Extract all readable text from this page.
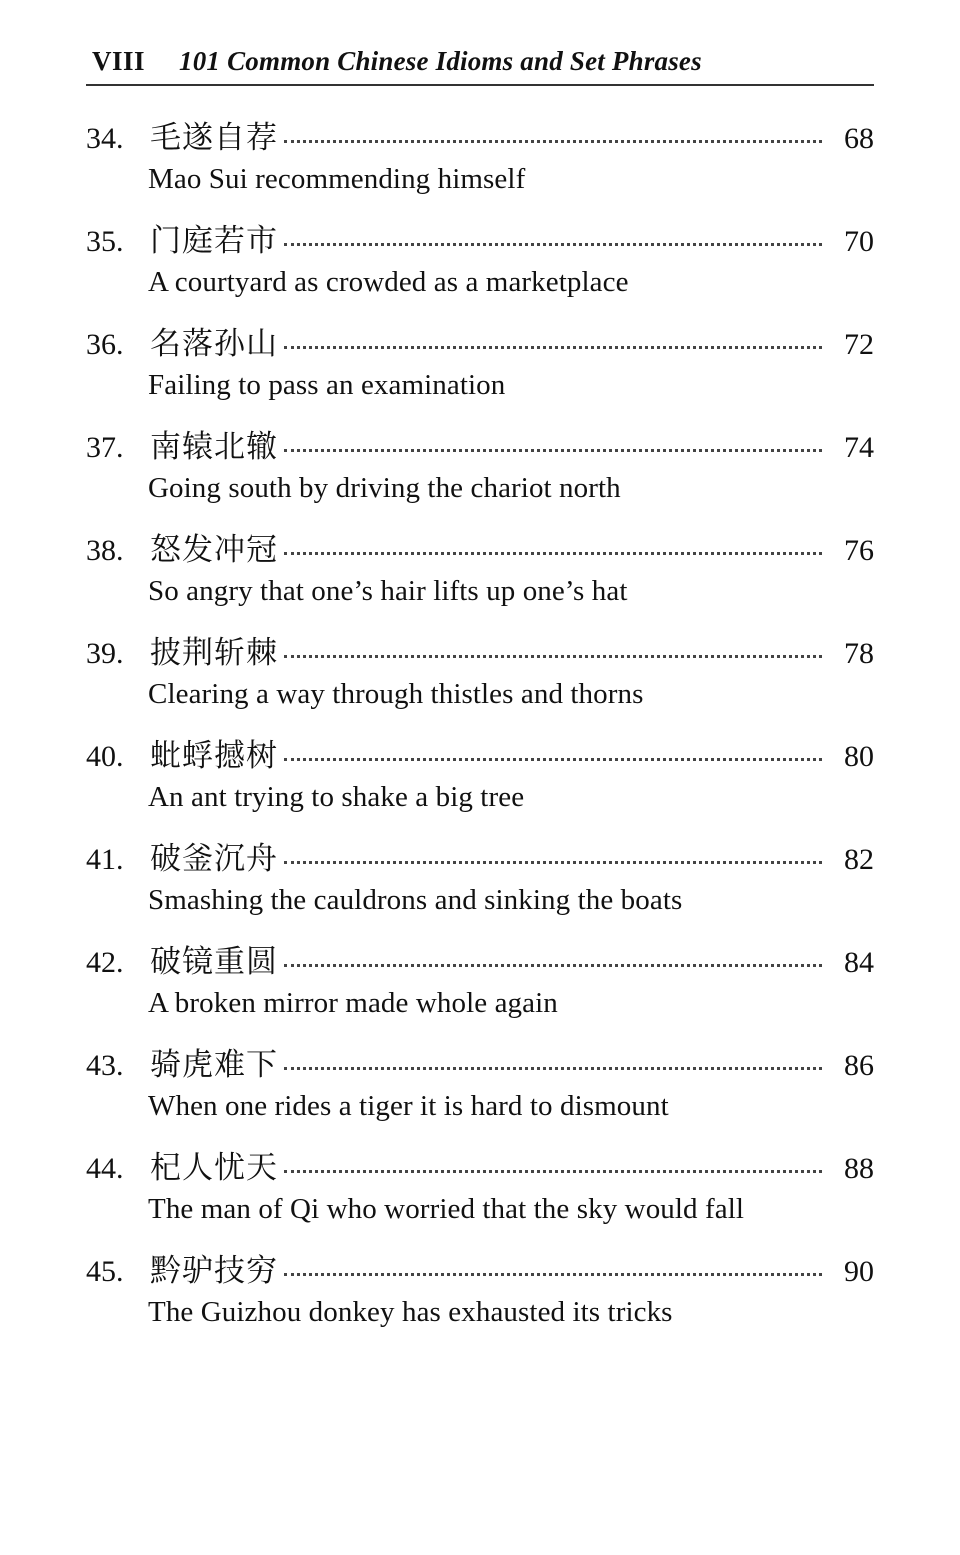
VIII 101 Common Chinese Idioms and Set Phrases
34. 毛遂自荐	68
Mao Sui recommending himself
35. 门庭若市	70
A courtyard as crowded as a marketplace
36. 名落孙山	72
Failing to pass an examination
37. 南辕北辙	74
Going south by driving the chariot north
38. 怒发冲冠	76
So angry that one’s hair lifts up one’s hat
39. 披荆斩棘	78
Clearing a way through thistles and thorns
40. 蚍蜉撼树	80
An ant trying to shake a big tree
41. 破釜沉舟	82
Smashing the cauldrons and sinking the boats
42. 破镜重圆	84
A broken mirror made whole again
43. 骑虎难下	86
When one rides a tiger it is hard to dismount
44. 杞人忧天	88
The man of Qi who worried that the sky would fall
45. 黔驴技穷	90
The Guizhou donkey has exhausted its tricks
